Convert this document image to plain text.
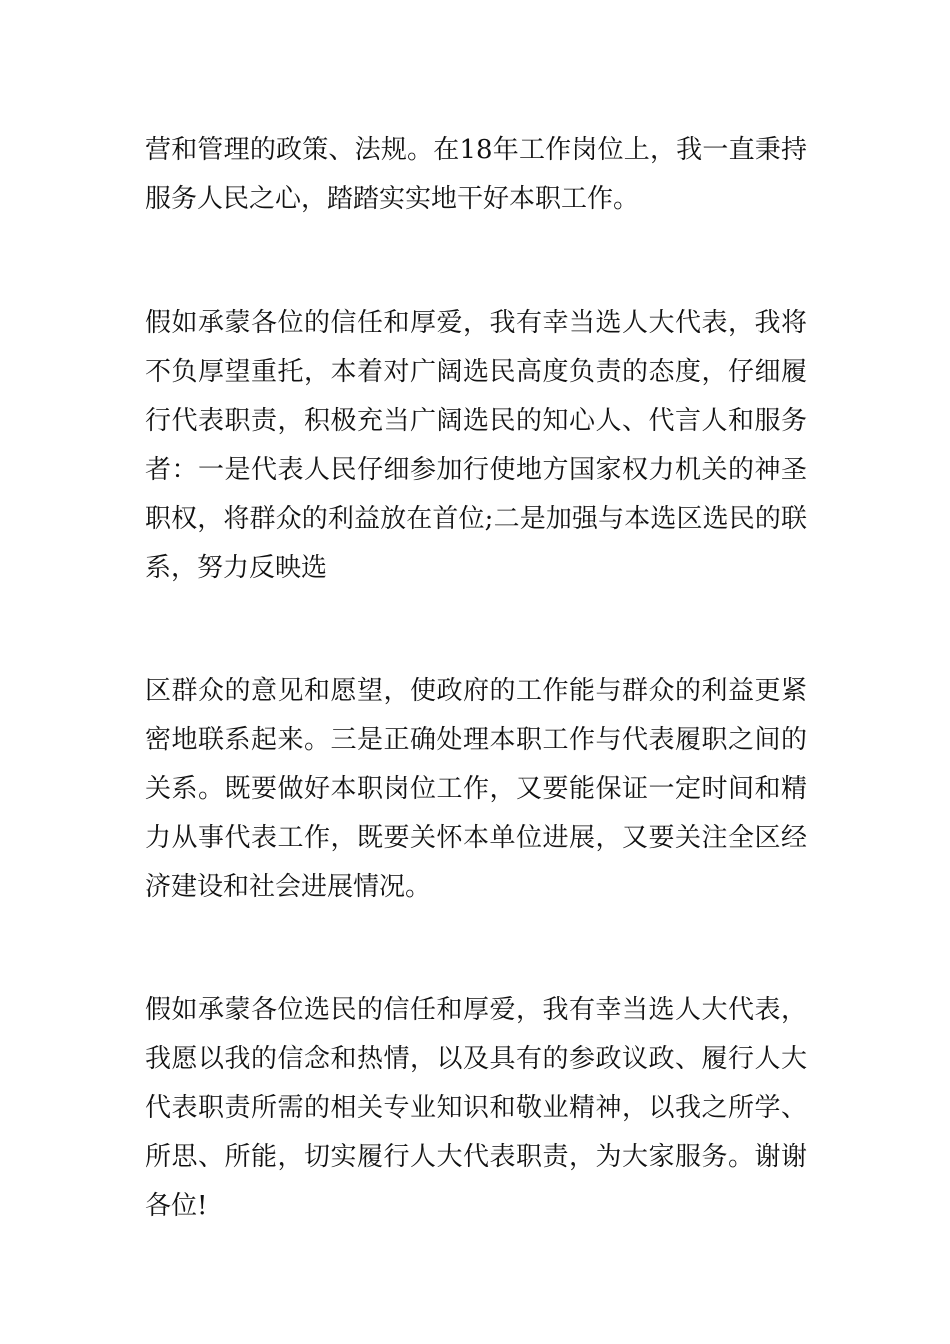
营和管理的政策、法规。在18年工作岗位上，我一直秉持
服务人民之心，踏踏实实地干好本职工作。

假如承蒙各位的信任和厚爱，我有幸当选人大代表，我将
不负厚望重托，本着对广阔选民高度负责的态度，仔细履
行代表职责，积极充当广阔选民的知心人、代言人和服务
者：一是代表人民仔细参加行使地方国家权力机关的神圣
职权，将群众的利益放在首位;二是加强与本选区选民的联
系，努力反映选

区群众的意见和愿望，使政府的工作能与群众的利益更紧
密地联系起来。三是正确处理本职工作与代表履职之间的
关系。既要做好本职岗位工作，又要能保证一定时间和精
力从事代表工作，既要关怀本单位进展，又要关注全区经
济建设和社会进展情况。

假如承蒙各位选民的信任和厚爱，我有幸当选人大代表，
我愿以我的信念和热情，以及具有的参政议政、履行人大
代表职责所需的相关专业知识和敬业精神，以我之所学、
所思、所能，切实履行人大代表职责，为大家服务。谢谢
各位!
